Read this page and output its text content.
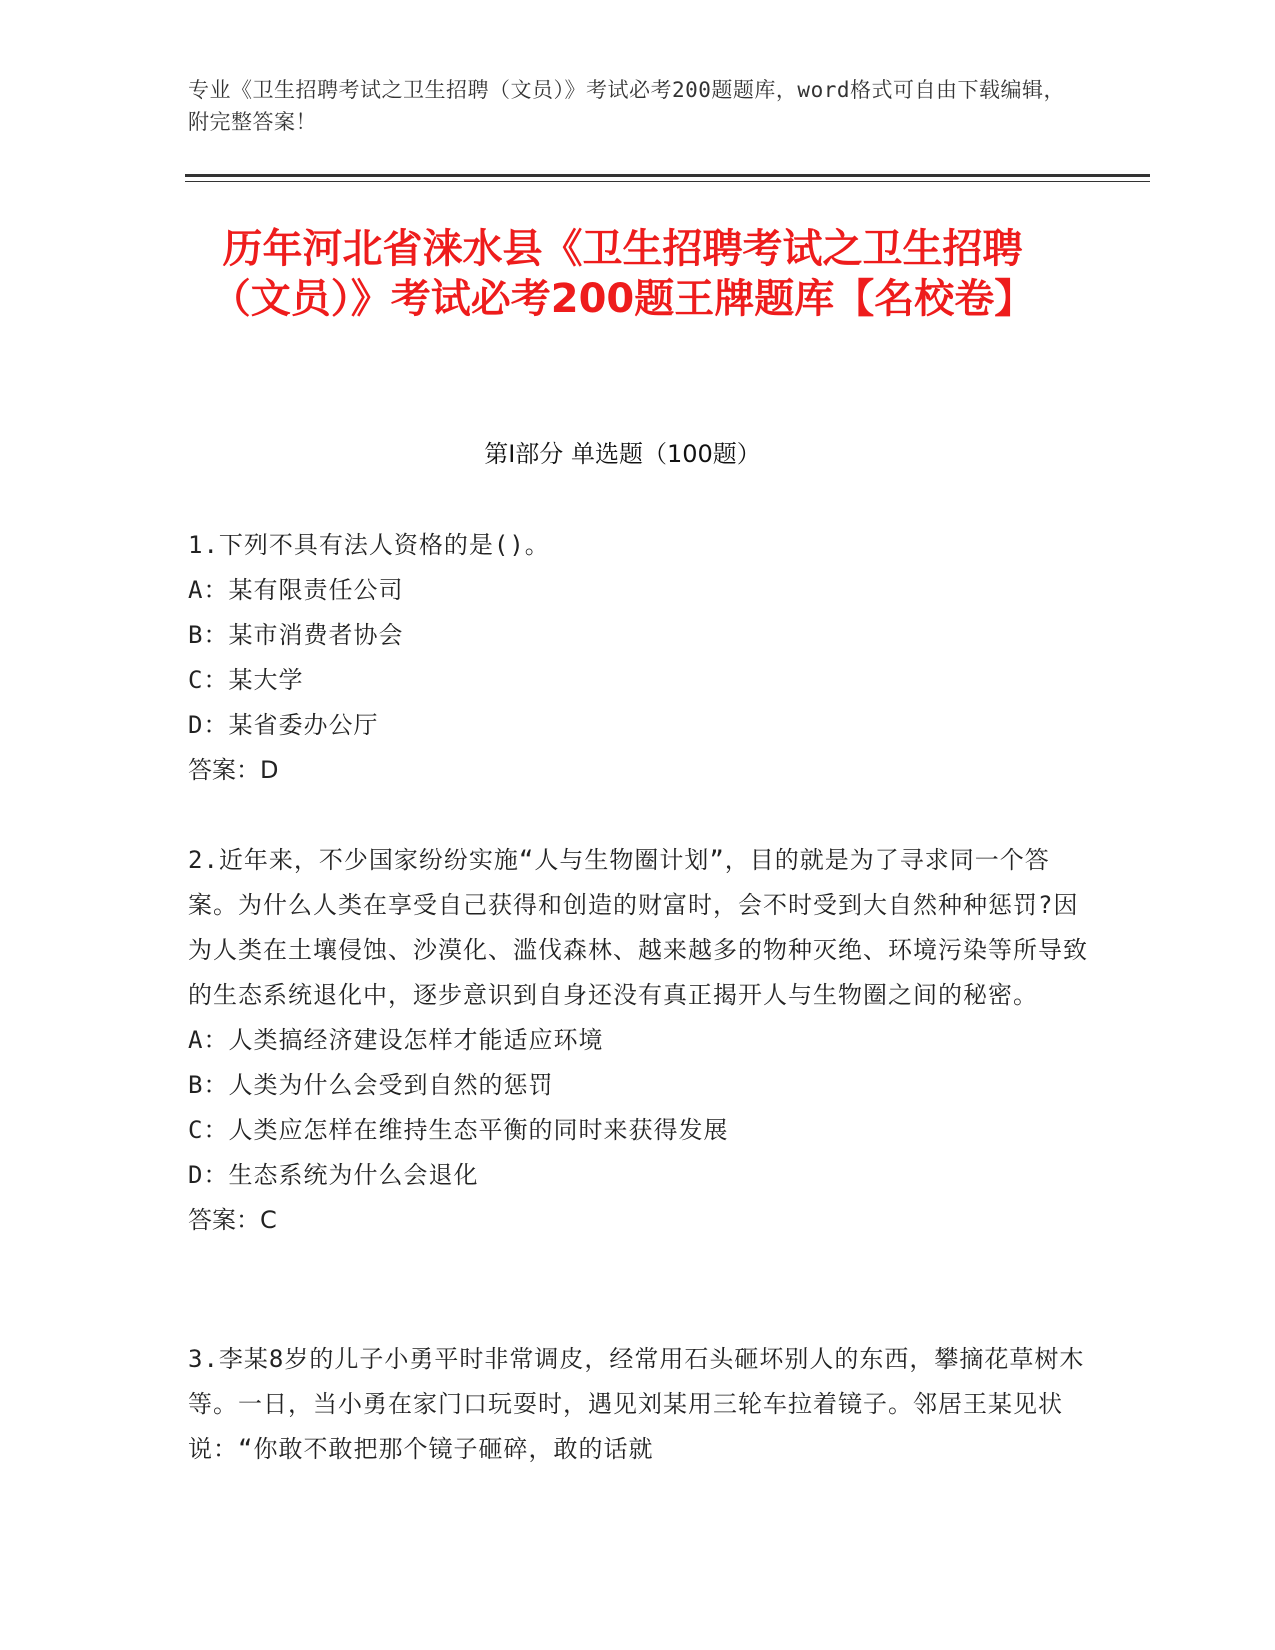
专业《卫生招聘考试之卫生招聘（文员）》考试必考200题题库，word格式可自由下载编辑，附完整答案！
历年河北省涞水县《卫生招聘考试之卫生招聘（文员）》考试必考200题王牌题库【名校卷】
第Ⅰ部分 单选题（100题）
1.下列不具有法人资格的是()。
A：某有限责任公司
B：某市消费者协会
C：某大学
D：某省委办公厅
答案：D
2.近年来，不少国家纷纷实施“人与生物圈计划”，目的就是为了寻求同一个答案。为什么人类在享受自己获得和创造的财富时，会不时受到大自然种种惩罚?因为人类在土壤侵蚀、沙漠化、滥伐森林、越来越多的物种灭绝、环境污染等所导致的生态系统退化中，逐步意识到自身还没有真正揭开人与生物圈之间的秘密。
A：人类搞经济建设怎样才能适应环境
B：人类为什么会受到自然的惩罚
C：人类应怎样在维持生态平衡的同时来获得发展
D：生态系统为什么会退化
答案：C
3.李某8岁的儿子小勇平时非常调皮，经常用石头砸坏别人的东西，攀摘花草树木等。一日，当小勇在家门口玩耍时，遇见刘某用三轮车拉着镜子。邻居王某见状说：“你敢不敢把那个镜子砸碎，敢的话就
